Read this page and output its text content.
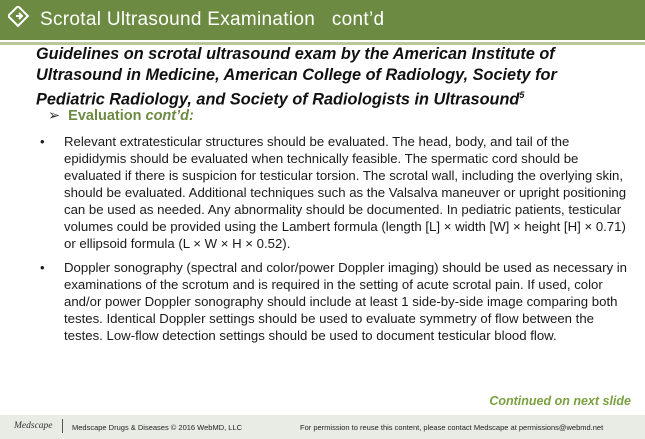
Scrotal Ultrasound Examination   cont’d
Guidelines on scrotal ultrasound exam by the American Institute of Ultrasound in Medicine, American College of Radiology, Society for Pediatric Radiology, and Society of Radiologists in Ultrasound$^5$
➢ Evaluation cont’d:
• Relevant extratesticular structures should be evaluated. The head, body, and tail of the epididymis should be evaluated when technically feasible. The spermatic cord should be evaluated if there is suspicion for testicular torsion. The scrotal wall, including the overlying skin, should be evaluated. Additional techniques such as the Valsalva maneuver or upright positioning can be used as needed. Any abnormality should be documented. In pediatric patients, testicular volumes could be provided using the Lambert formula (length [L] × width [W] × height [H] × 0.71) or ellipsoid formula (L × W × H × 0.52).
• Doppler sonography (spectral and color/power Doppler imaging) should be used as necessary in examinations of the scrotum and is required in the setting of acute scrotal pain. If used, color and/or power Doppler sonography should include at least 1 side-by-side image comparing both testes. Identical Doppler settings should be used to evaluate symmetry of flow between the testes. Low-flow detection settings should be used to document testicular blood flow.
Continued on next slide
Medscape	Medscape Drugs & Diseases © 2016 WebMD, LLC	For permission to reuse this content, please contact Medscape at permissions@webmd.net
